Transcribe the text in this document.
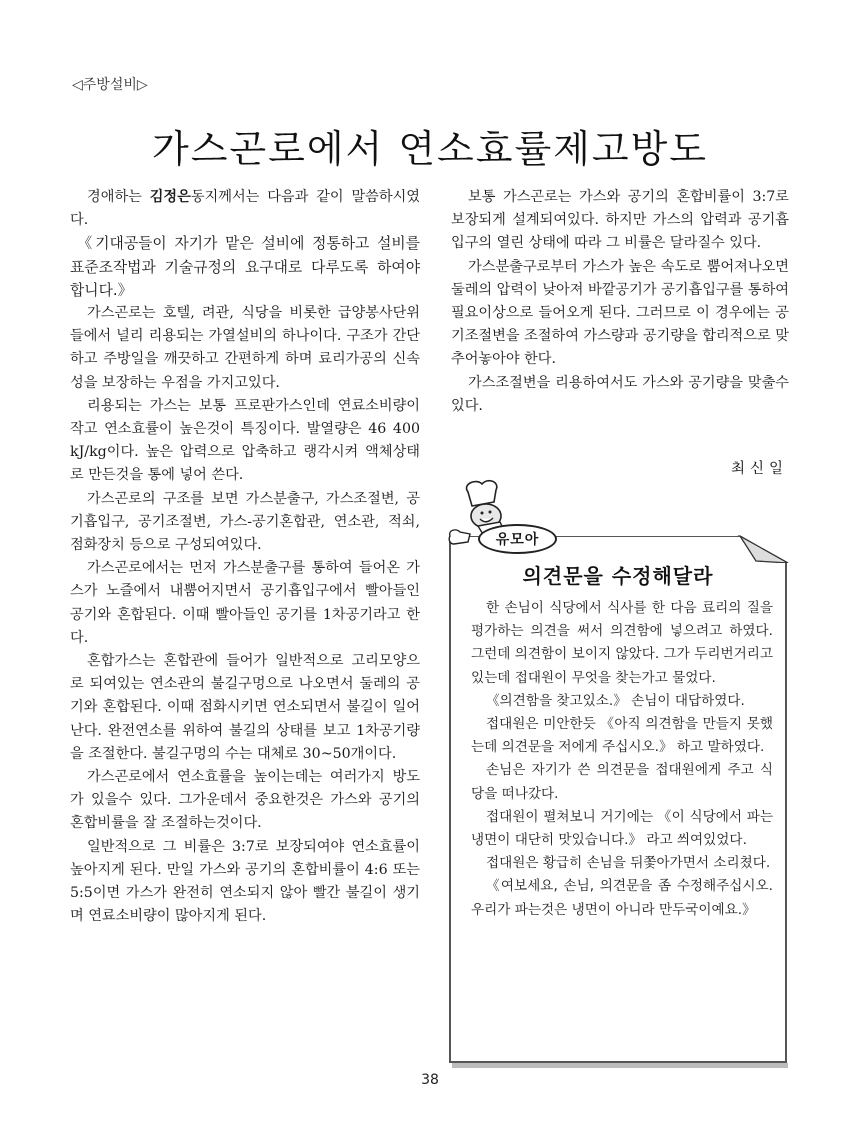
◁주방설비▷
가스곤로에서 연소효률제고방도

경애하는 김정은동지께서는 다음과 같이 말씀하시였다.

《기대공들이 자기가 맡은 설비에 정통하고 설비를 표준조작법과 기술규정의 요구대로 다루도록 하여야 합니다.》

가스곤로는 호텔, 려관, 식당을 비롯한 급양봉사단위들에서 널리 리용되는 가열설비의 하나이다. 구조가 간단하고 주방일을 깨끗하고 간편하게 하며 료리가공의 신속성을 보장하는 우점을 가지고있다.

리용되는 가스는 보통 프로판가스인데 연료소비량이 작고 연소효률이 높은것이 특징이다. 발열량은 46 400 kJ/kg이다. 높은 압력으로 압축하고 랭각시켜 액체상태로 만든것을 통에 넣어 쓴다.

가스곤로의 구조를 보면 가스분출구, 가스조절변, 공기흡입구, 공기조절변, 가스-공기혼합관, 연소관, 적쇠, 점화장치 등으로 구성되여있다.

가스곤로에서는 먼저 가스분출구를 통하여 들어온 가스가 노즐에서 내뿜어지면서 공기흡입구에서 빨아들인 공기와 혼합된다. 이때 빨아들인 공기를 1차공기라고 한다.

혼합가스는 혼합관에 들어가 일반적으로 고리모양으로 되여있는 연소관의 불길구멍으로 나오면서 둘레의 공기와 혼합된다. 이때 점화시키면 연소되면서 불길이 일어난다. 완전연소를 위하여 불길의 상태를 보고 1차공기량을 조절한다. 불길구멍의 수는 대체로 30~50개이다.

가스곤로에서 연소효률을 높이는데는 여러가지 방도가 있을수 있다. 그가운데서 중요한것은 가스와 공기의 혼합비률을 잘 조절하는것이다.

일반적으로 그 비률은 3:7로 보장되여야 연소효률이 높아지게 된다. 만일 가스와 공기의 혼합비률이 4:6 또는 5:5이면 가스가 완전히 연소되지 않아 빨간 불길이 생기며 연료소비량이 많아지게 된다.

보통 가스곤로는 가스와 공기의 혼합비률이 3:7로 보장되게 설계되여있다. 하지만 가스의 압력과 공기흡입구의 열린 상태에 따라 그 비률은 달라질수 있다.

가스분출구로부터 가스가 높은 속도로 뿜어져나오면 둘레의 압력이 낮아져 바깥공기가 공기흡입구를 통하여 필요이상으로 들어오게 된다. 그러므로 이 경우에는 공기조절변을 조절하여 가스량과 공기량을 합리적으로 맞추어놓아야 한다.

가스조절변을 리용하여서도 가스와 공기량을 맞출수 있다.

최신일
유모아
의견문을 수정해달라

한 손님이 식당에서 식사를 한 다음 료리의 질을 평가하는 의견을 써서 의견함에 넣으려고 하였다. 그런데 의견함이 보이지 않았다. 그가 두리번거리고있는데 접대원이 무엇을 찾는가고 물었다.

《의견함을 찾고있소.》 손님이 대답하였다.

접대원은 미안한듯 《아직 의견함을 만들지 못했는데 의견문을 저에게 주십시오.》 하고 말하였다.

손님은 자기가 쓴 의견문을 접대원에게 주고 식당을 떠나갔다.

접대원이 펼쳐보니 거기에는 《이 식당에서 파는 냉면이 대단히 맛있습니다.》 라고 씌여있었다.

접대원은 황급히 손님을 뒤쫓아가면서 소리쳤다.

《여보세요, 손님, 의견문을 좀 수정해주십시오. 우리가 파는것은 냉면이 아니라 만두국이예요.》

38
